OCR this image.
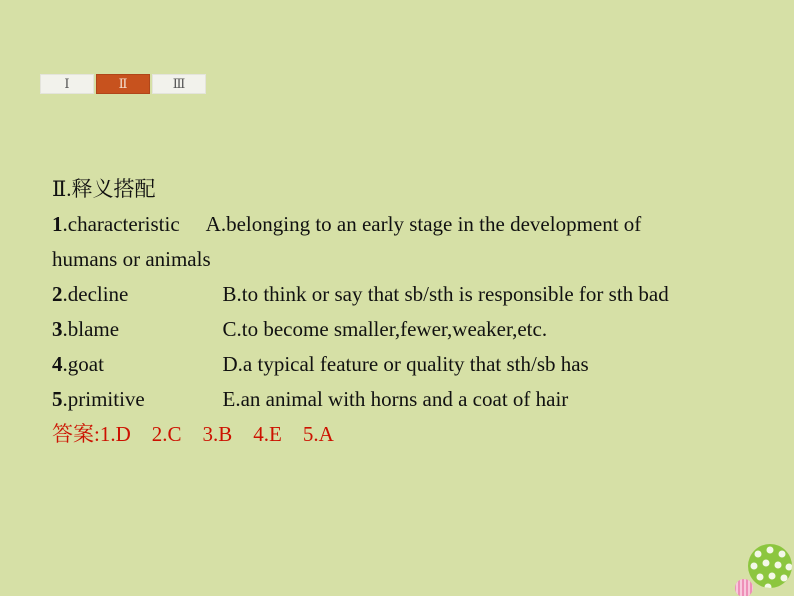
Ⅰ	Ⅱ	Ⅲ
Ⅱ.释义搭配
1.characteristic A.belonging to an early stage in the development of
humans or animals
2.decline	B.to think or say that sb/sth is responsible for sth bad
3.blame	C.to become smaller,fewer,weaker,etc.
4.goat	D.a typical feature or quality that sth/sb has
5.primitive	E.an animal with horns and a coat of hair
答案:1.D    2.C    3.B    4.E    5.A
